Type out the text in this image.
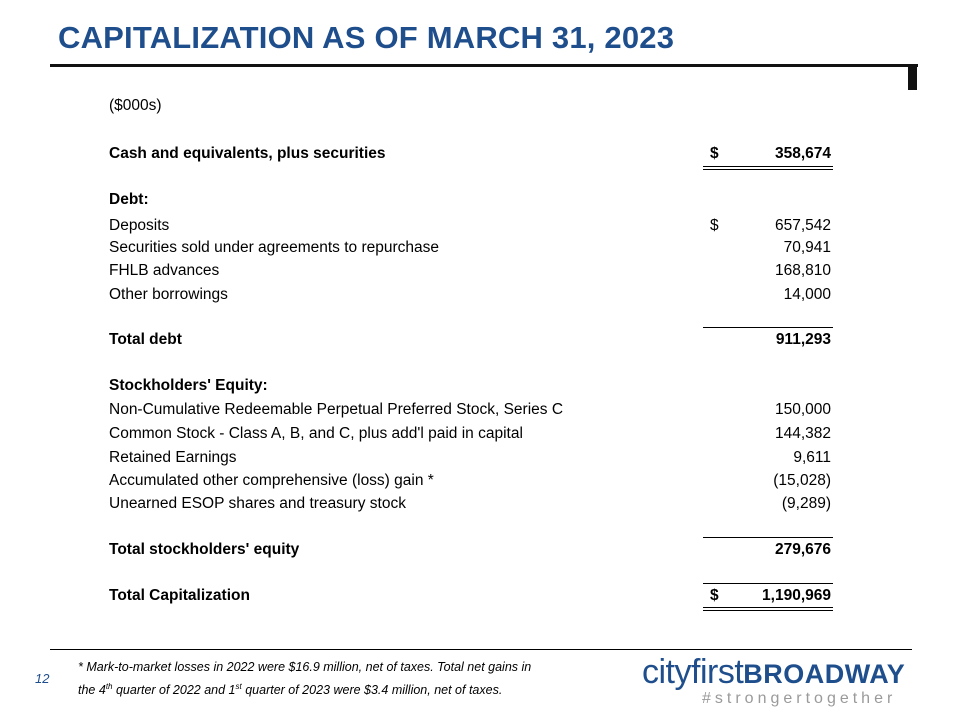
CAPITALIZATION AS OF MARCH 31, 2023
($000s)
Cash and equivalents, plus securities	$	358,674
Debt:
Deposits	$	657,542
Securities sold under agreements to repurchase	70,941
FHLB advances	168,810
Other borrowings	14,000
Total debt	911,293
Stockholders' Equity:
Non-Cumulative Redeemable Perpetual Preferred Stock, Series C	150,000
Common Stock - Class A, B, and C, plus add'l paid in capital	144,382
Retained Earnings	9,611
Accumulated other comprehensive (loss) gain *	(15,028)
Unearned ESOP shares and treasury stock	(9,289)
Total stockholders' equity	279,676
Total Capitalization	$	1,190,969
12
* Mark-to-market losses in 2022 were $16.9 million, net of taxes. Total net gains in
the 4th quarter of 2022 and 1st quarter of 2023 were $3.4 million, net of taxes.	cityfirstBROADWAY
#strongertogether
